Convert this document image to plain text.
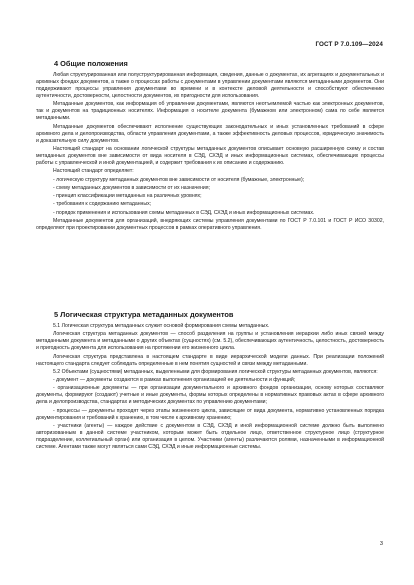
ГОСТ Р 7.0.109—2024
4 Общие положения

Любая структурированная или полуструктурированная информация, сведения, данные о документах, их агрегациях и документальных и архивных фондах документов, а также о процессах работы с документами в управлении документами являются метаданными документов. Они поддерживают процессы управления документами во времени и в контексте деловой деятельности и способствуют обеспечению аутентичности, достоверности, целостности документов, их пригодности для использования.

Метаданные документов, как информация об управлении документами, являются неотъемлемой частью как электронных документов, так и документов на традиционных носителях. Информация о носителе документа (бумажном или электронном) сама по себе является метаданными.

Метаданные документов обеспечивают исполнение существующих законодательных и иных установленных требований в сфере архивного дела и делопроизводства, области управления документами, а также эффективность деловых процессов, юридическую значимость и доказательную силу документов.

Настоящий стандарт на основании логической структуры метаданных документов описывает основную расширенную схему и состав метаданных документов вне зависимости от вида носителя в СЭД, СХЭД и иных информационных системах, обеспечивающих процессы работы с управленческой и иной документацией, и содержит требования к их описанию и содержанию.

Настоящий стандарт определяет:

- логическую структуру метаданных документов вне зависимости от носителя (бумажные, электронные);

- схему метаданных документов в зависимости от их назначения;

- принцип классификации метаданных на различных уровнях;

- требования к содержанию метаданных;

- порядок применения и использования схемы метаданных в СЭД, СХЭД и иных информационных системах.

Метаданные документов для организаций, внедряющих системы управления документами по ГОСТ Р 7.0.101 и ГОСТ Р ИСО 30302, определяют при проектировании документных процессов в рамках оперативного управления.

5 Логическая структура метаданных документов

5.1 Логическая структура метаданных служит основой формирования схемы метаданных.

Логическая структура метаданных документов — способ разделения на группы и установления иерархии либо иных связей между метаданными документа и метаданными о других объектах (сущностях) (см. 5.2), обеспечивающих аутентичность, целостность, достоверность и пригодность документа для использования на протяжении его жизненного цикла.

Логическая структура представлена в настоящем стандарте в виде иерархической модели данных. При реализации положений настоящего стандарта следует соблюдать определенные в нем понятия сущностей и связи между метаданными.

5.2 Объектами (сущностями) метаданных, выделенными для формирования логической структуры метаданных документов, являются:

- документ — документы создаются в рамках выполнения организацией ее деятельности и функций;

- организационные документы — при организации документального и архивного фондов организации, основу которых составляют документы, формируют (создают) учетные и иные документы, формы которых определены в нормативных правовых актах в сфере архивного дела и делопроизводства, стандартах и методических документах по управлению документами;

- процессы — документы проходят через этапы жизненного цикла, зависящие от вида документа, нормативно установленных порядка документирования и требований к хранению, в том числе к архивному хранению;

- участники (агенты) — каждое действие с документом в СЭД, СХЭД и иной информационной системе должно быть выполнено авторизованным в данной системе участником, которым может быть отдельное лицо, ответственное структурное лицо (структурное подразделение, коллегиальный орган) или организация в целом. Участники (агенты) различаются ролями, назначенными в информационной системе. Агентами также могут являться сами СЭД, СХЭД и иные информационные системы.

3
